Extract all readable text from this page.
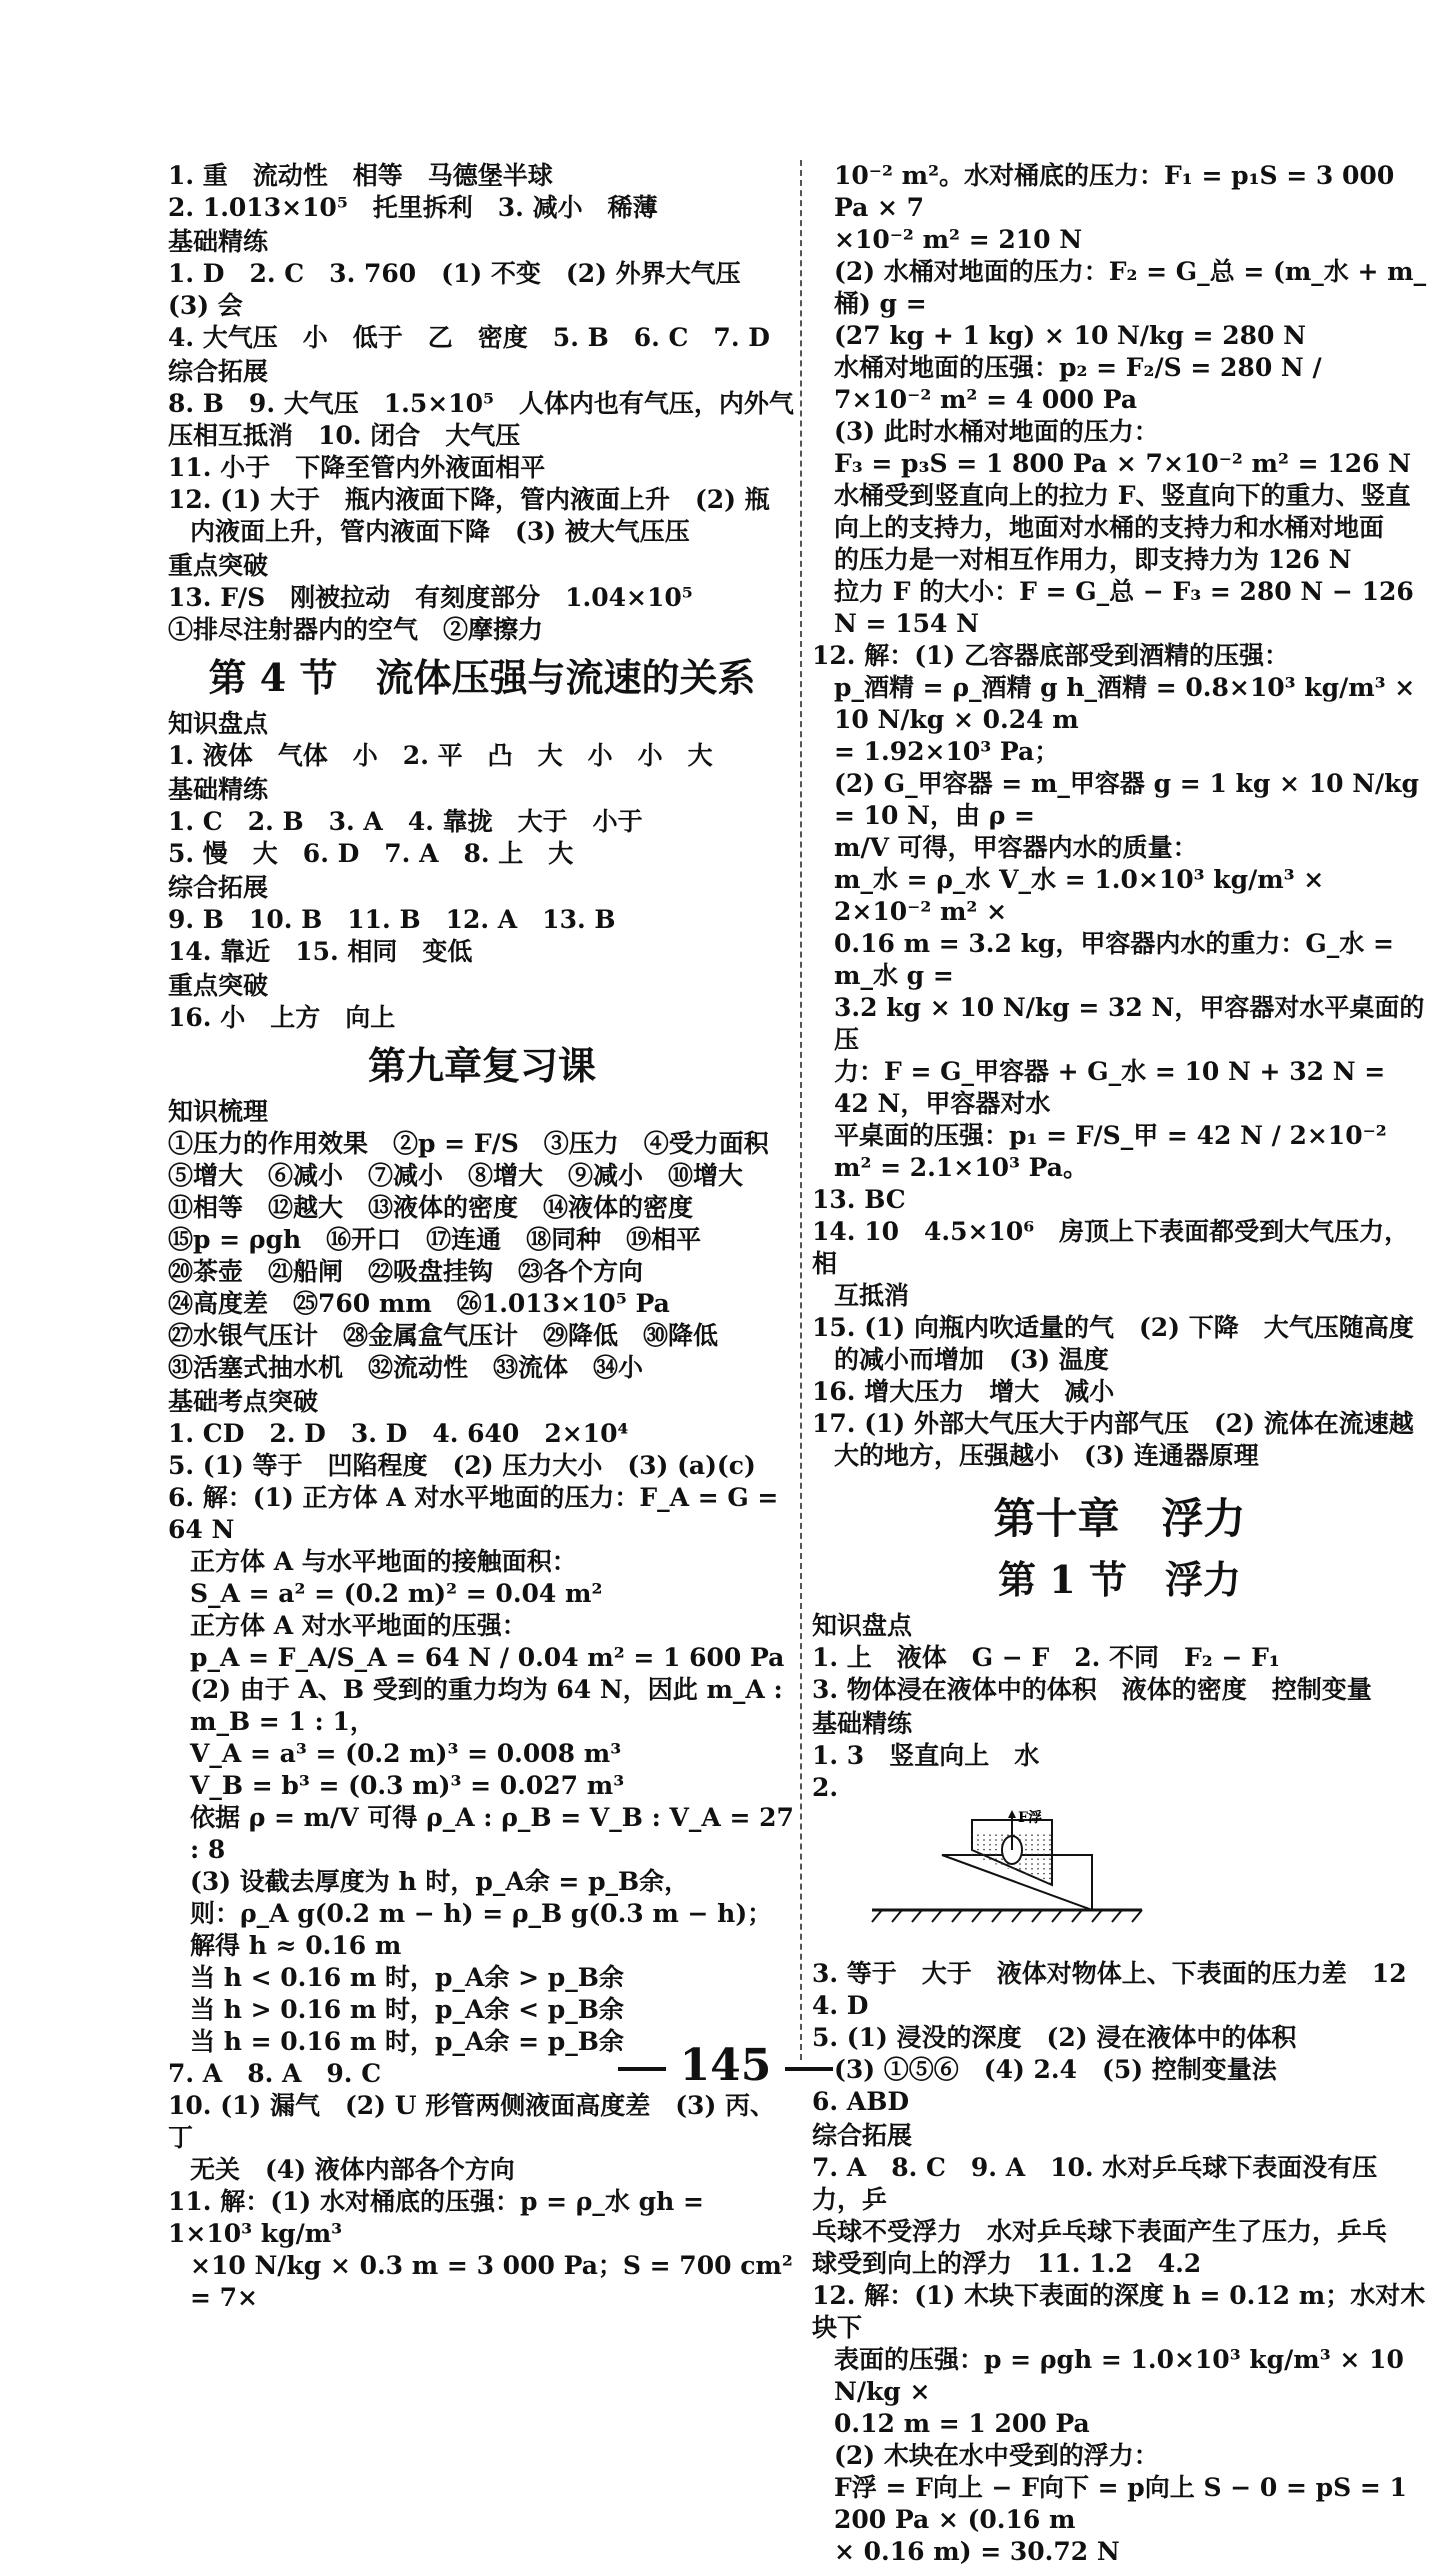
1. 重　流动性　相等　马德堡半球
2. 1.013×10⁵　托里拆利　3. 减小　稀薄
基础精练
1. D　2. C　3. 760　(1) 不变　(2) 外界大气压　(3) 会
4. 大气压　小　低于　乙　密度　5. B　6. C　7. D
综合拓展
8. B　9. 大气压　1.5×10⁵　人体内也有气压，内外气
压相互抵消　10. 闭合　大气压
11. 小于　下降至管内外液面相平
12. (1) 大于　瓶内液面下降，管内液面上升　(2) 瓶
内液面上升，管内液面下降　(3) 被大气压压
重点突破
13. F/S　刚被拉动　有刻度部分　1.04×10⁵
①排尽注射器内的空气　②摩擦力
第 4 节　流体压强与流速的关系
知识盘点
1. 液体　气体　小　2. 平　凸　大　小　小　大
基础精练
1. C　2. B　3. A　4. 靠拢　大于　小于
5. 慢　大　6. D　7. A　8. 上　大
综合拓展
9. B　10. B　11. B　12. A　13. B
14. 靠近　15. 相同　变低
重点突破
16. 小　上方　向上
第九章复习课
知识梳理
①压力的作用效果　②p = F/S　③压力　④受力面积
⑤增大　⑥减小　⑦减小　⑧增大　⑨减小　⑩增大
⑪相等　⑫越大　⑬液体的密度　⑭液体的密度
⑮p = ρgh　⑯开口　⑰连通　⑱同种　⑲相平
⑳茶壶　㉑船闸　㉒吸盘挂钩　㉓各个方向
㉔高度差　㉕760 mm　㉖1.013×10⁵ Pa
㉗水银气压计　㉘金属盒气压计　㉙降低　㉚降低
㉛活塞式抽水机　㉜流动性　㉝流体　㉞小
基础考点突破
1. CD　2. D　3. D　4. 640　2×10⁴
5. (1) 等于　凹陷程度　(2) 压力大小　(3) (a)(c)
6. 解：(1) 正方体 A 对水平地面的压力：F_A = G = 64 N
正方体 A 与水平地面的接触面积：
S_A = a² = (0.2 m)² = 0.04 m²
正方体 A 对水平地面的压强：
p_A = F_A/S_A = 64 N / 0.04 m² = 1 600 Pa
(2) 由于 A、B 受到的重力均为 64 N，因此 m_A : m_B = 1 : 1，
V_A = a³ = (0.2 m)³ = 0.008 m³
V_B = b³ = (0.3 m)³ = 0.027 m³
依据 ρ = m/V 可得 ρ_A : ρ_B = V_B : V_A = 27 : 8
(3) 设截去厚度为 h 时，p_A余 = p_B余，
则：ρ_A g(0.2 m − h) = ρ_B g(0.3 m − h)；解得 h ≈ 0.16 m
当 h < 0.16 m 时，p_A余 > p_B余
当 h > 0.16 m 时，p_A余 < p_B余
当 h = 0.16 m 时，p_A余 = p_B余
7. A　8. A　9. C
10. (1) 漏气　(2) U 形管两侧液面高度差　(3) 丙、丁
无关　(4) 液体内部各个方向
11. 解：(1) 水对桶底的压强：p = ρ_水 gh = 1×10³ kg/m³
×10 N/kg × 0.3 m = 3 000 Pa；S = 700 cm² = 7×
10⁻² m²。水对桶底的压力：F₁ = p₁S = 3 000 Pa × 7
×10⁻² m² = 210 N
(2) 水桶对地面的压力：F₂ = G_总 = (m_水 + m_桶) g =
(27 kg + 1 kg) × 10 N/kg = 280 N
水桶对地面的压强：p₂ = F₂/S = 280 N / 7×10⁻² m² = 4 000 Pa
(3) 此时水桶对地面的压力：
F₃ = p₃S = 1 800 Pa × 7×10⁻² m² = 126 N
水桶受到竖直向上的拉力 F、竖直向下的重力、竖直
向上的支持力，地面对水桶的支持力和水桶对地面
的压力是一对相互作用力，即支持力为 126 N
拉力 F 的大小：F = G_总 − F₃ = 280 N − 126 N = 154 N
12. 解：(1) 乙容器底部受到酒精的压强：
p_酒精 = ρ_酒精 g h_酒精 = 0.8×10³ kg/m³ × 10 N/kg × 0.24 m
= 1.92×10³ Pa；
(2) G_甲容器 = m_甲容器 g = 1 kg × 10 N/kg = 10 N，由 ρ =
m/V 可得，甲容器内水的质量：
m_水 = ρ_水 V_水 = 1.0×10³ kg/m³ × 2×10⁻² m² ×
0.16 m = 3.2 kg，甲容器内水的重力：G_水 = m_水 g =
3.2 kg × 10 N/kg = 32 N，甲容器对水平桌面的压
力：F = G_甲容器 + G_水 = 10 N + 32 N = 42 N，甲容器对水
平桌面的压强：p₁ = F/S_甲 = 42 N / 2×10⁻² m² = 2.1×10³ Pa。
13. BC
14. 10　4.5×10⁶　房顶上下表面都受到大气压力，相
互抵消
15. (1) 向瓶内吹适量的气　(2) 下降　大气压随高度
的减小而增加　(3) 温度
16. 增大压力　增大　减小
17. (1) 外部大气压大于内部气压　(2) 流体在流速越
大的地方，压强越小　(3) 连通器原理
第十章　浮力
第 1 节　浮力
知识盘点
1. 上　液体　G − F　2. 不同　F₂ − F₁
3. 物体浸在液体中的体积　液体的密度　控制变量
基础精练
1. 3　竖直向上　水
2.
F浮
3. 等于　大于　液体对物体上、下表面的压力差　12
4. D
5. (1) 浸没的深度　(2) 浸在液体中的体积
(3) ①⑤⑥　(4) 2.4　(5) 控制变量法
6. ABD
综合拓展
7. A　8. C　9. A　10. 水对乒乓球下表面没有压力，乒
乓球不受浮力　水对乒乓球下表面产生了压力，乒乓
球受到向上的浮力　11. 1.2　4.2
12. 解：(1) 木块下表面的深度 h = 0.12 m；水对木块下
表面的压强：p = ρgh = 1.0×10³ kg/m³ × 10 N/kg ×
0.12 m = 1 200 Pa
(2) 木块在水中受到的浮力：
F浮 = F向上 − F向下 = p向上 S − 0 = pS = 1 200 Pa × (0.16 m
× 0.16 m) = 30.72 N
145
